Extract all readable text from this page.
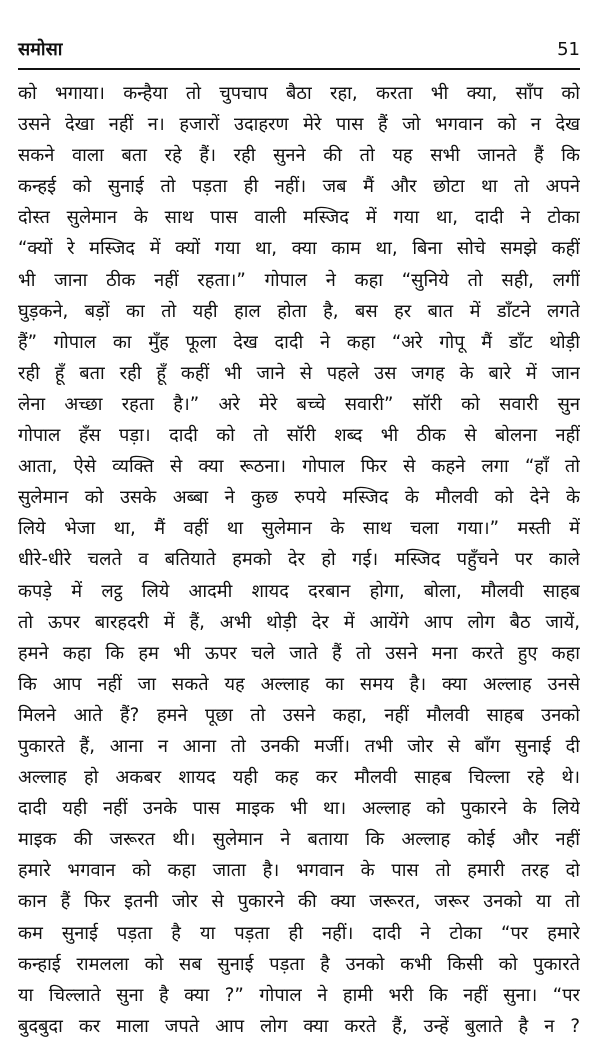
समोसा	51
को भगाया। कन्हैया तो चुपचाप बैठा रहा, करता भी क्या, साँप को
उसने देखा नहीं न। हजारों उदाहरण मेरे पास हैं जो भगवान को न देख
सकने वाला बता रहे हैं। रही सुनने की तो यह सभी जानते हैं कि
कन्हई को सुनाई तो पड़ता ही नहीं। जब मैं और छोटा था तो अपने
दोस्त सुलेमान के साथ पास वाली मस्जिद में गया था, दादी ने टोका
“क्यों रे मस्जिद में क्यों गया था, क्या काम था, बिना सोचे समझे कहीं
भी जाना ठीक नहीं रहता।” गोपाल ने कहा “सुनिये तो सही, लगीं
घुड़कने, बड़ों का तो यही हाल होता है, बस हर बात में डाँटने लगते
हैं” गोपाल का मुँह फूला देख दादी ने कहा “अरे गोपू मैं डाँट थोड़ी
रही हूँ बता रही हूँ कहीं भी जाने से पहले उस जगह के बारे में जान
लेना अच्छा रहता है।” अरे मेरे बच्चे सवारी” सॉरी को सवारी सुन
गोपाल हँस पड़ा। दादी को तो सॉरी शब्द भी ठीक से बोलना नहीं
आता, ऐसे व्यक्ति से क्या रूठना। गोपाल फिर से कहने लगा “हाँ तो
सुलेमान को उसके अब्बा ने कुछ रुपये मस्जिद के मौलवी को देने के
लिये भेजा था, मैं वहीं था सुलेमान के साथ चला गया।” मस्ती में
धीरे-धीरे चलते व बतियाते हमको देर हो गई। मस्जिद पहुँचने पर काले
कपड़े में लट्ठ लिये आदमी शायद दरबान होगा, बोला, मौलवी साहब
तो ऊपर बारहदरी में हैं, अभी थोड़ी देर में आयेंगे आप लोग बैठ जायें,
हमने कहा कि हम भी ऊपर चले जाते हैं तो उसने मना करते हुए कहा
कि आप नहीं जा सकते यह अल्लाह का समय है। क्या अल्लाह उनसे
मिलने आते हैं? हमने पूछा तो उसने कहा, नहीं मौलवी साहब उनको
पुकारते हैं, आना न आना तो उनकी मर्जी। तभी जोर से बाँग सुनाई दी
अल्लाह हो अकबर शायद यही कह कर मौलवी साहब चिल्ला रहे थे।
दादी यही नहीं उनके पास माइक भी था। अल्लाह को पुकारने के लिये
माइक की जरूरत थी। सुलेमान ने बताया कि अल्लाह कोई और नहीं
हमारे भगवान को कहा जाता है। भगवान के पास तो हमारी तरह दो
कान हैं फिर इतनी जोर से पुकारने की क्या जरूरत, जरूर उनको या तो
कम सुनाई पड़ता है या पड़ता ही नहीं। दादी ने टोका “पर हमारे
कन्हाई रामलला को सब सुनाई पड़ता है उनको कभी किसी को पुकारते
या चिल्लाते सुना है क्या ?” गोपाल ने हामी भरी कि नहीं सुना। “पर
बुदबुदा कर माला जपते आप लोग क्या करते हैं, उन्हें बुलाते है न ?
